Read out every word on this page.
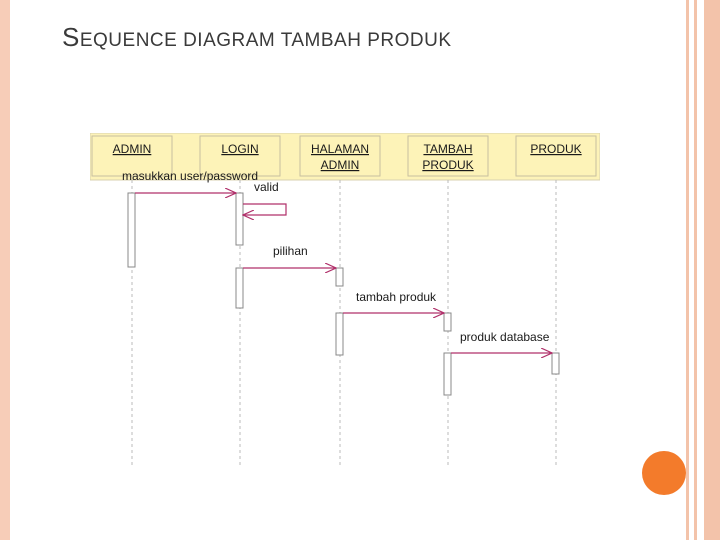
SEQUENCE DIAGRAM TAMBAH PRODUK
ADMIN	LOGIN	HALAMAN
ADMIN
TAMBAH
PRODUK
PRODUK
masukkan user/password
valid
pilihan
tambah produk
produk database
